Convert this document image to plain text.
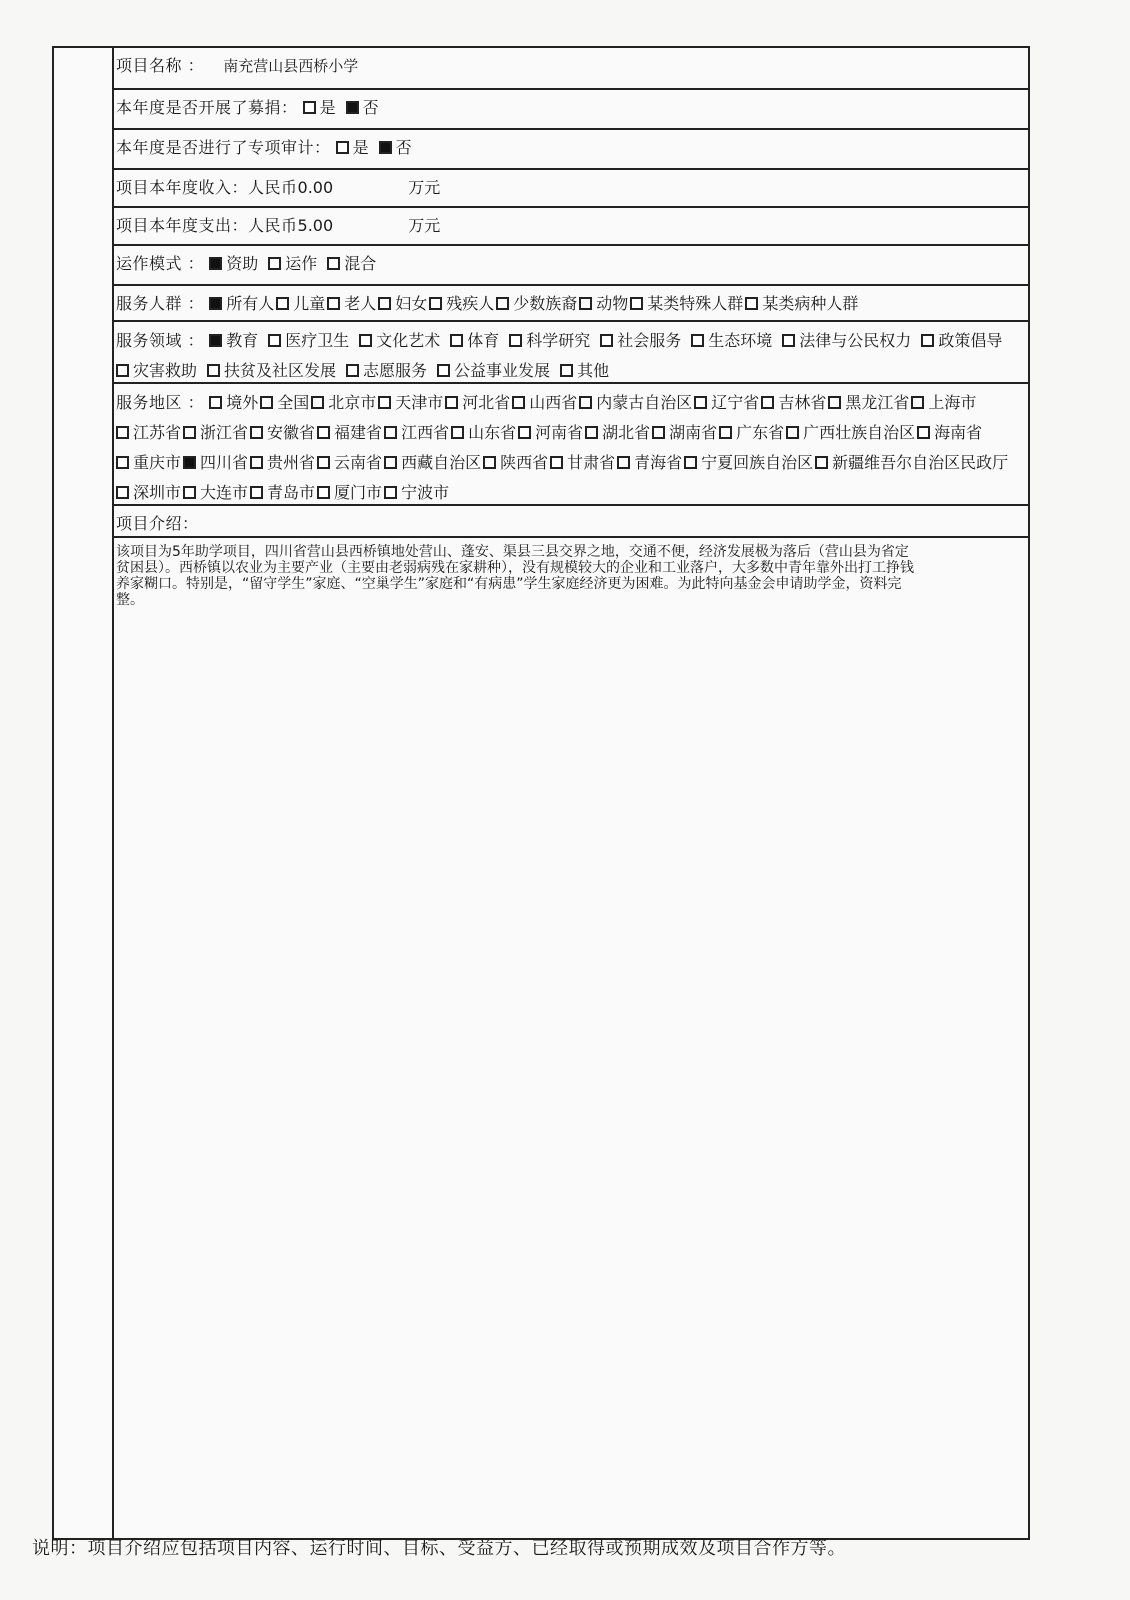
项目名称 ： 南充营山县西桥小学
本年度是否开展了募捐： 是 否
本年度是否进行了专项审计： 是 否
项目本年度收入：人民币0.00	万元
项目本年度支出：人民币5.00	万元
运作模式 ： 资助 运作 混合
服务人群 ： 所有人 儿童 老人 妇女 残疾人 少数族裔 动物 某类特殊人群 某类病种人群
服务领域 ： 教育 医疗卫生 文化艺术 体育 科学研究 社会服务 生态环境 法律与公民权力 政策倡导灾害救助 扶贫及社区发展 志愿服务 公益事业发展 其他
服务地区 ： 境外 全国 北京市 天津市 河北省 山西省 内蒙古自治区 辽宁省 吉林省 黑龙江省 上海市江苏省 浙江省 安徽省 福建省 江西省 山东省 河南省 湖北省 湖南省 广东省 广西壮族自治区 海南省重庆市 四川省 贵州省 云南省 西藏自治区 陕西省 甘肃省 青海省 宁夏回族自治区 新疆维吾尔自治区民政厅深圳市 大连市 青岛市 厦门市 宁波市
项目介绍：
该项目为5年助学项目，四川省营山县西桥镇地处营山、蓬安、渠县三县交界之地，交通不便，经济发展极为落后（营山县为省定贫困县）。西桥镇以农业为主要产业（主要由老弱病残在家耕种），没有规模较大的企业和工业落户，大多数中青年靠外出打工挣钱养家糊口。特别是，“留守学生”家庭、“空巢学生”家庭和“有病患”学生家庭经济更为困难。为此特向基金会申请助学金，资料完整。
说明：项目介绍应包括项目内容、运行时间、目标、受益方、已经取得或预期成效及项目合作方等。
